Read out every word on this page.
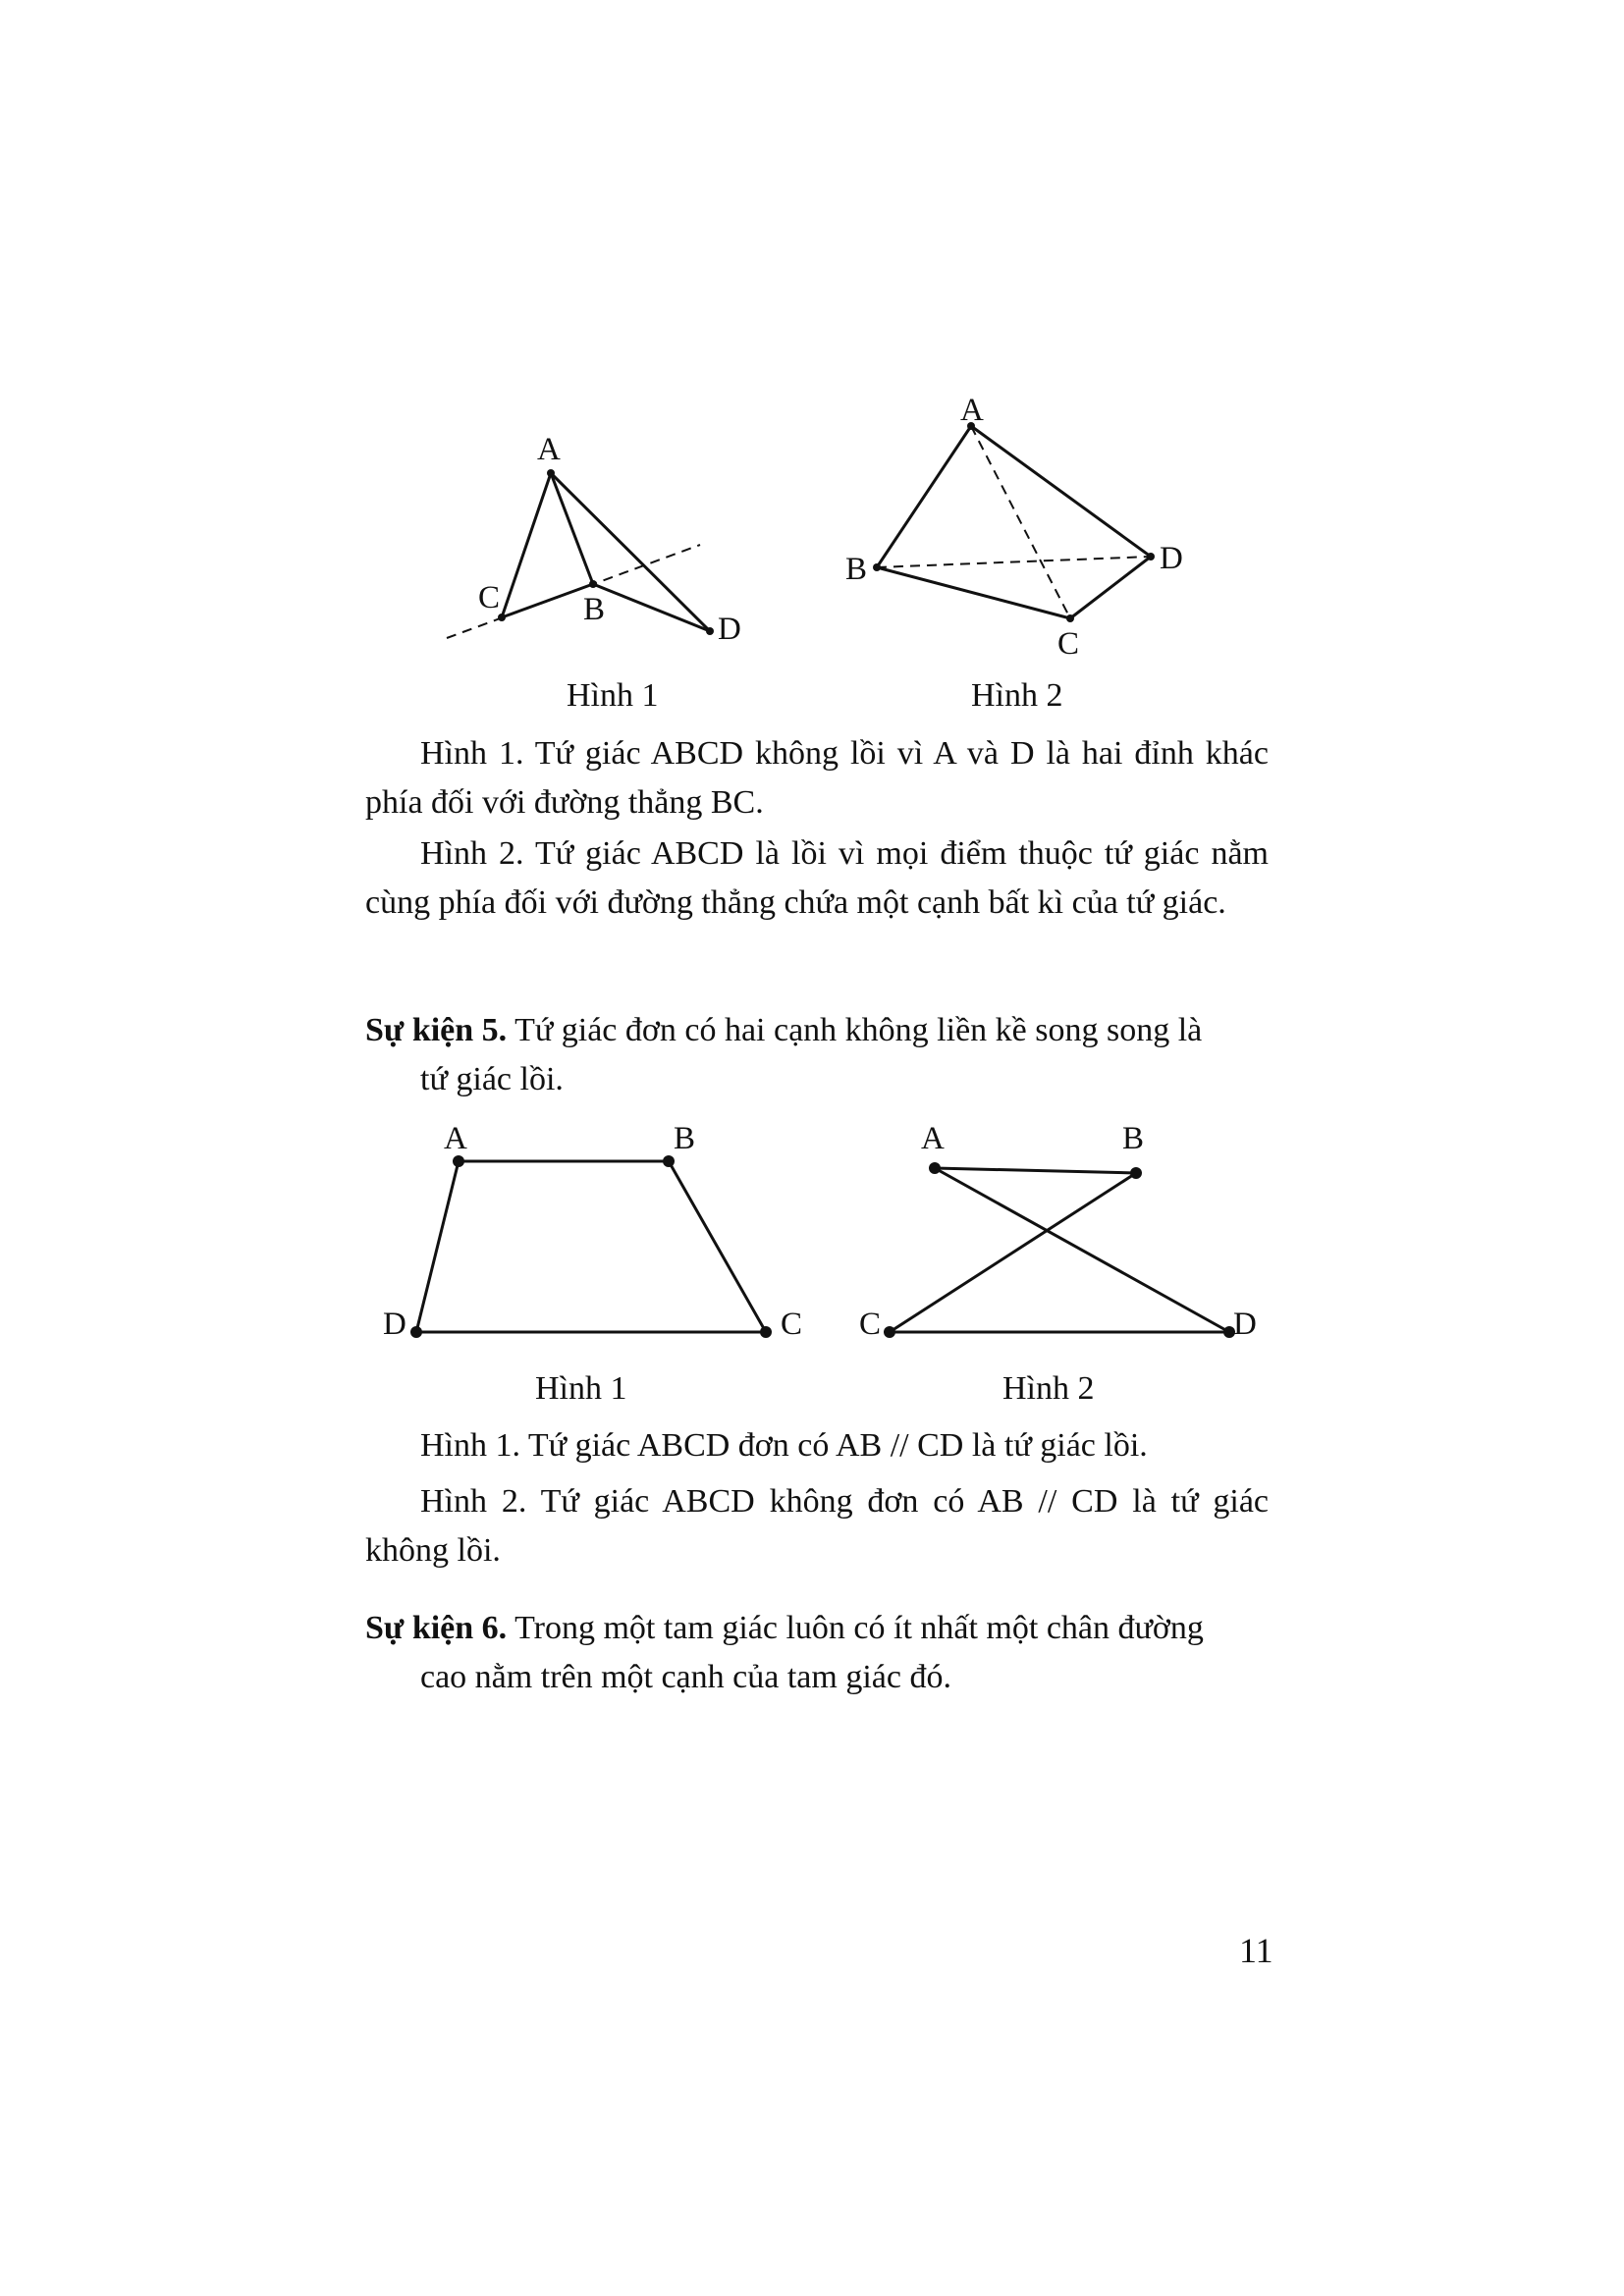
A
B
C
D
A
B
C
D
A	B
C
D
A	B
C	D
Hình 1	Hình 2

Hình 1. Tứ giác ABCD không lồi vì A và D là hai đỉnh khác phía đối với đường thẳng BC.

Hình 2. Tứ giác ABCD là lồi vì mọi điểm thuộc tứ giác nằm cùng phía đối với đường thẳng chứa một cạnh bất kì của tứ giác.

Sự kiện 5. Tứ giác đơn có hai cạnh không liền kề song song là
tứ giác lồi.
Hình 1	Hình 2

Hình 1. Tứ giác ABCD đơn có AB // CD là tứ giác lồi.

Hình 2. Tứ giác ABCD không đơn có AB // CD là tứ giác không lồi.

Sự kiện 6. Trong một tam giác luôn có ít nhất một chân đường
cao nằm trên một cạnh của tam giác đó.
11
